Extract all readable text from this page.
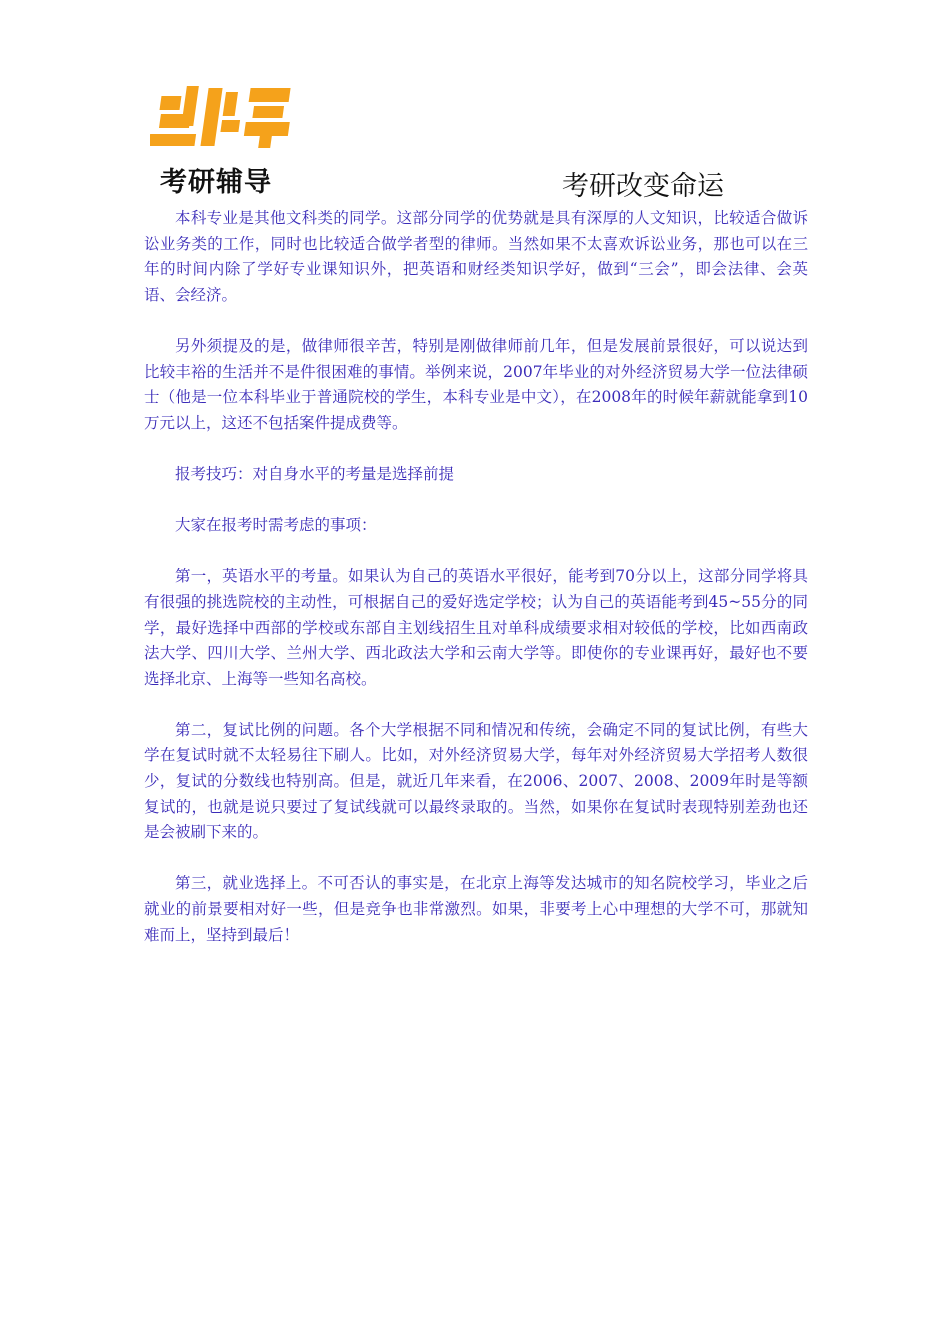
考研辅导	考研改变命运

本科专业是其他文科类的同学。这部分同学的优势就是具有深厚的人文知识，比较适合做诉讼业务类的工作，同时也比较适合做学者型的律师。当然如果不太喜欢诉讼业务，那也可以在三年的时间内除了学好专业课知识外，把英语和财经类知识学好，做到“三会”，即会法律、会英语、会经济。

另外须提及的是，做律师很辛苦，特别是刚做律师前几年，但是发展前景很好，可以说达到比较丰裕的生活并不是件很困难的事情。举例来说，2007年毕业的对外经济贸易大学一位法律硕士（他是一位本科毕业于普通院校的学生，本科专业是中文），在2008年的时候年薪就能拿到10万元以上，这还不包括案件提成费等。

报考技巧：对自身水平的考量是选择前提

大家在报考时需考虑的事项：

第一，英语水平的考量。如果认为自己的英语水平很好，能考到70分以上，这部分同学将具有很强的挑选院校的主动性，可根据自己的爱好选定学校；认为自己的英语能考到45~55分的同学，最好选择中西部的学校或东部自主划线招生且对单科成绩要求相对较低的学校，比如西南政法大学、四川大学、兰州大学、西北政法大学和云南大学等。即使你的专业课再好，最好也不要选择北京、上海等一些知名高校。

第二，复试比例的问题。各个大学根据不同和情况和传统，会确定不同的复试比例，有些大学在复试时就不太轻易往下刷人。比如，对外经济贸易大学，每年对外经济贸易大学招考人数很少，复试的分数线也特别高。但是，就近几年来看，在2006、2007、2008、2009年时是等额复试的，也就是说只要过了复试线就可以最终录取的。当然，如果你在复试时表现特别差劲也还是会被刷下来的。

第三，就业选择上。不可否认的事实是，在北京上海等发达城市的知名院校学习，毕业之后就业的前景要相对好一些，但是竞争也非常激烈。如果，非要考上心中理想的大学不可，那就知难而上，坚持到最后！
